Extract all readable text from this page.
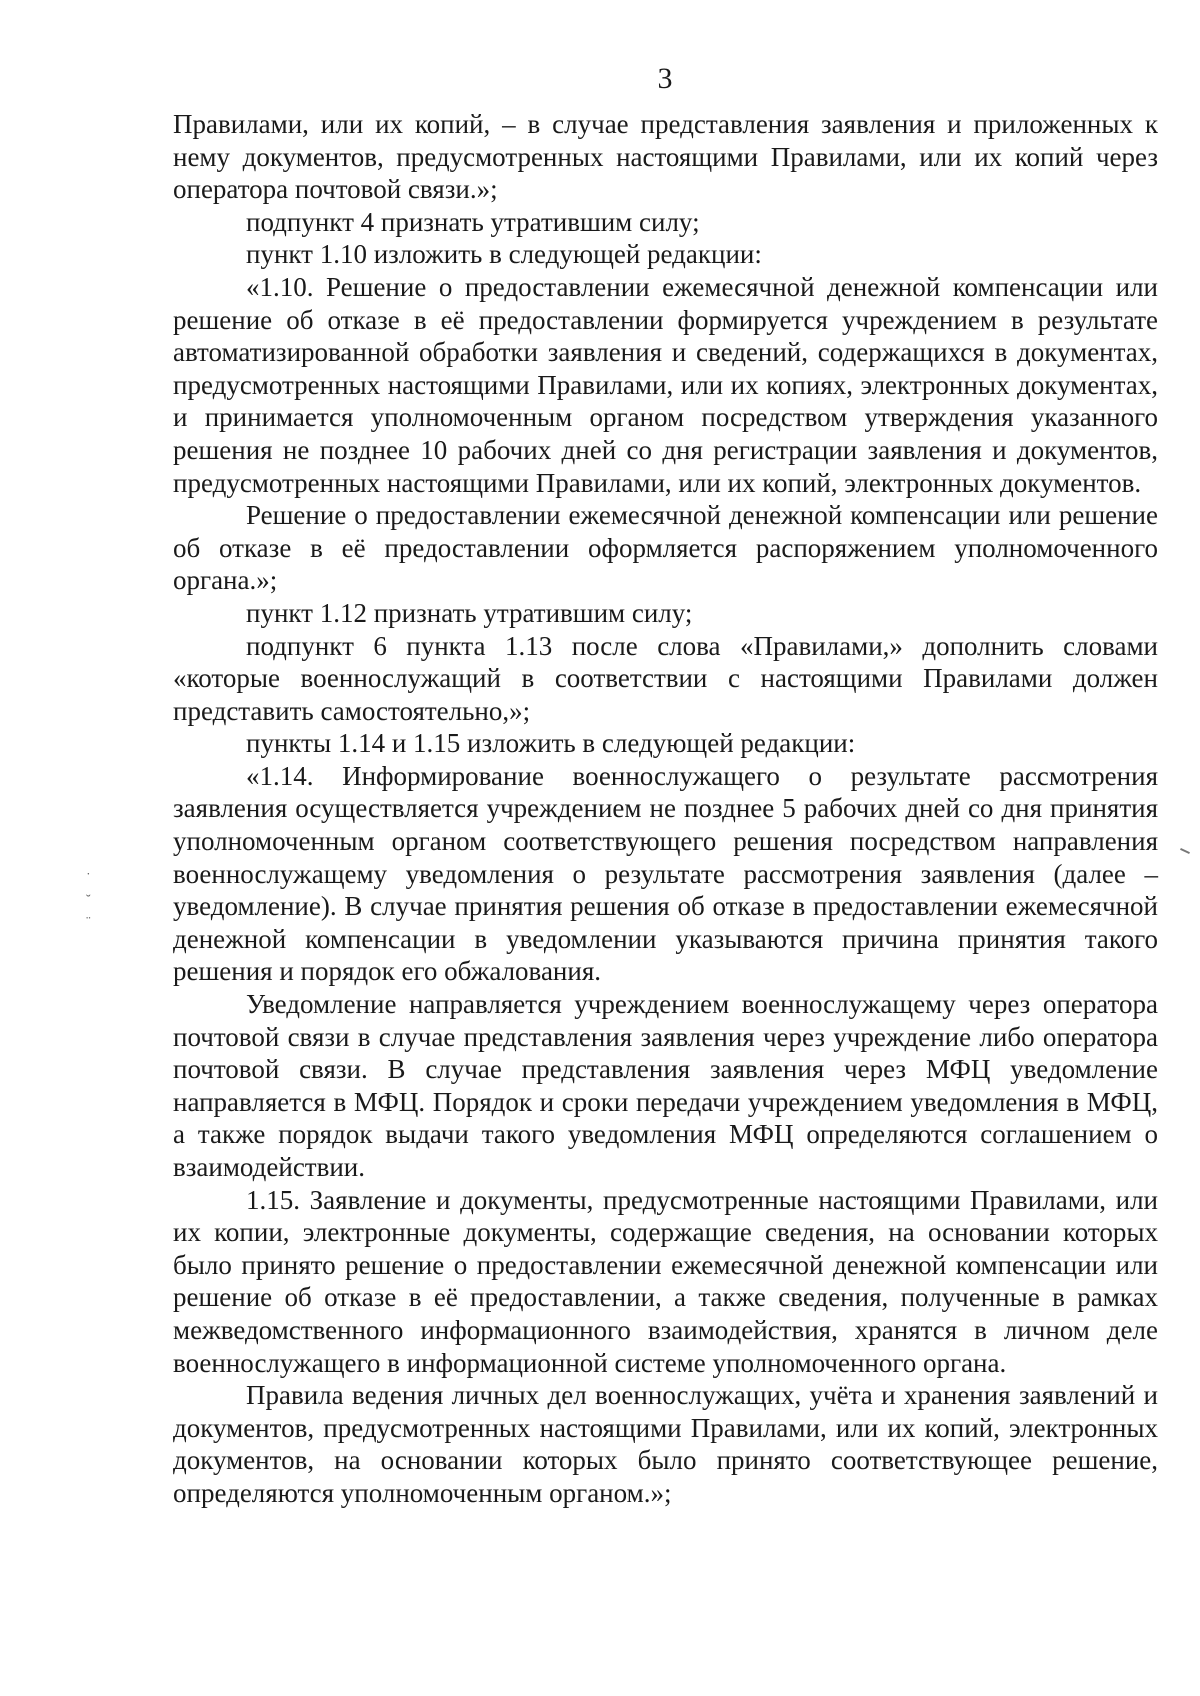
3

Правилами, или их копий, – в случае представления заявления и приложенных к нему документов, предусмотренных настоящими Правилами, или их копий через оператора почтовой связи.»;

подпункт 4 признать утратившим силу;

пункт 1.10 изложить в следующей редакции:

«1.10. Решение о предоставлении ежемесячной денежной компенсации или решение об отказе в её предоставлении формируется учреждением в результате автоматизированной обработки заявления и сведений, содержащихся в документах, предусмотренных настоящими Правилами, или их копиях, электронных документах, и принимается уполномоченным органом посредством утверждения указанного решения не позднее 10 рабочих дней со дня регистрации заявления и документов, предусмотренных настоящими Правилами, или их копий, электронных документов.

Решение о предоставлении ежемесячной денежной компенсации или решение об отказе в её предоставлении оформляется распоряжением уполномоченного органа.»;

пункт 1.12 признать утратившим силу;

подпункт 6 пункта 1.13 после слова «Правилами,» дополнить словами «которые военнослужащий в соответствии с настоящими Правилами должен представить самостоятельно,»;

пункты 1.14 и 1.15 изложить в следующей редакции:

«1.14. Информирование военнослужащего о результате рассмотрения заявления осуществляется учреждением не позднее 5 рабочих дней со дня принятия уполномоченным органом соответствующего решения посредством направления военнослужащему уведомления о результате рассмотрения заявления (далее – уведомление). В случае принятия решения об отказе в предоставлении ежемесячной денежной компенсации в уведомлении указываются причина принятия такого решения и порядок его обжалования.

Уведомление направляется учреждением военнослужащему через оператора почтовой связи в случае представления заявления через учреждение либо оператора почтовой связи. В случае представления заявления через МФЦ уведомление направляется в МФЦ. Порядок и сроки передачи учреждением уведомления в МФЦ, а также порядок выдачи такого уведомления МФЦ определяются соглашением о взаимодействии.

1.15. Заявление и документы, предусмотренные настоящими Правилами, или их копии, электронные документы, содержащие сведения, на основании которых было принято решение о предоставлении ежемесячной денежной компенсации или решение об отказе в её предоставлении, а также сведения, полученные в рамках межведомственного информационного взаимодействия, хранятся в личном деле военнослужащего в информационной системе уполномоченного органа.

Правила ведения личных дел военнослужащих, учёта и хранения заявлений и документов, предусмотренных настоящими Правилами, или их копий, электронных документов, на основании которых было принято соответствующее решение, определяются уполномоченным органом.»;

˙
˘
¨
